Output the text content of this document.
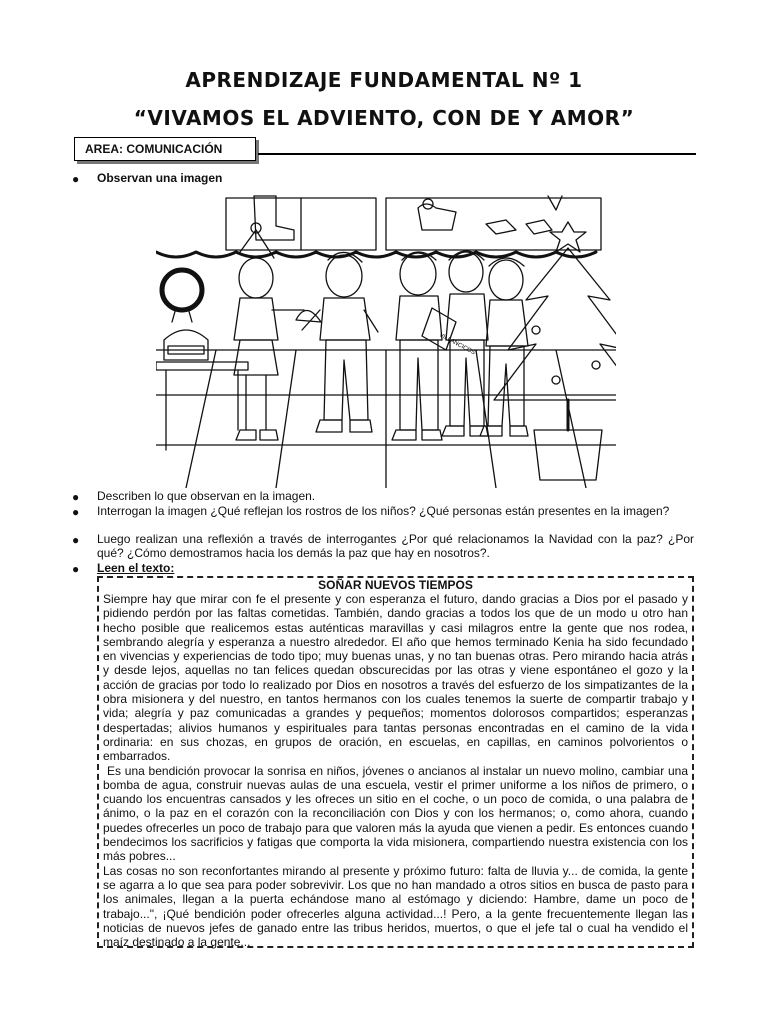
APRENDIZAJE FUNDAMENTAL Nº 1
“VIVAMOS EL ADVIENTO, CON DE Y AMOR”
AREA: COMUNICACIÓN
● Observan una imagen
VILLANCICOS
● Describen lo que observan en la imagen.
● Interrogan la imagen ¿Qué reflejan los rostros de los niños? ¿Qué personas están presentes en la imagen?
● Luego realizan una reflexión a través de interrogantes ¿Por qué relacionamos la Navidad con la paz? ¿Por qué? ¿Cómo demostramos hacia los demás la paz que hay en nosotros?.
● Leen el texto:
SOÑAR NUEVOS TIEMPOS

Siempre hay que mirar con fe el presente y con esperanza el futuro, dando gracias a Dios por el pasado y pidiendo perdón por las faltas cometidas. También, dando gracias a todos los que de un modo u otro han hecho posible que realicemos estas auténticas maravillas y casi milagros entre la gente que nos rodea, sembrando alegría y esperanza a nuestro alrededor. El año que hemos terminado Kenia ha sido fecundado en vivencias y experiencias de todo tipo; muy buenas unas, y no tan buenas otras. Pero mirando hacia atrás y desde lejos, aquellas no tan felices quedan obscurecidas por las otras y viene espontáneo el gozo y la acción de gracias por todo lo realizado por Dios en nosotros a través del esfuerzo de los simpatizantes de la obra misionera y del nuestro, en tantos hermanos con los cuales tenemos la suerte de compartir trabajo y vida; alegría y paz comunicadas a grandes y pequeños; momentos dolorosos compartidos; esperanzas despertadas; alivios humanos y espirituales para tantas personas encontradas en el camino de la vida ordinaria: en sus chozas, en grupos de oración, en escuelas, en capillas, en caminos polvorientos o embarrados.

Es una bendición provocar la sonrisa en niños, jóvenes o ancianos al instalar un nuevo molino, cambiar una bomba de agua, construir nuevas aulas de una escuela, vestir el primer uniforme a los niños de primero, o cuando los encuentras cansados y les ofreces un sitio en el coche, o un poco de comida, o una palabra de ánimo, o la paz en el corazón con la reconciliación con Dios y con los hermanos; o, como ahora, cuando puedes ofrecerles un poco de trabajo para que valoren más la ayuda que vienen a pedir. Es entonces cuando bendecimos los sacrificios y fatigas que comporta la vida misionera, compartiendo nuestra existencia con los más pobres...

Las cosas no son reconfortantes mirando al presente y próximo futuro: falta de lluvia y... de comida, la gente se agarra a lo que sea para poder sobrevivir. Los que no han mandado a otros sitios en busca de pasto para los animales, llegan a la puerta echándose mano al estómago y diciendo: Hambre, dame un poco de trabajo...", ¡Qué bendición poder ofrecerles alguna actividad...! Pero, a la gente frecuentemente llegan las noticias de nuevos jefes de ganado entre las tribus heridos, muertos, o que el jefe tal o cual ha vendido el maíz destinado a la gente...
